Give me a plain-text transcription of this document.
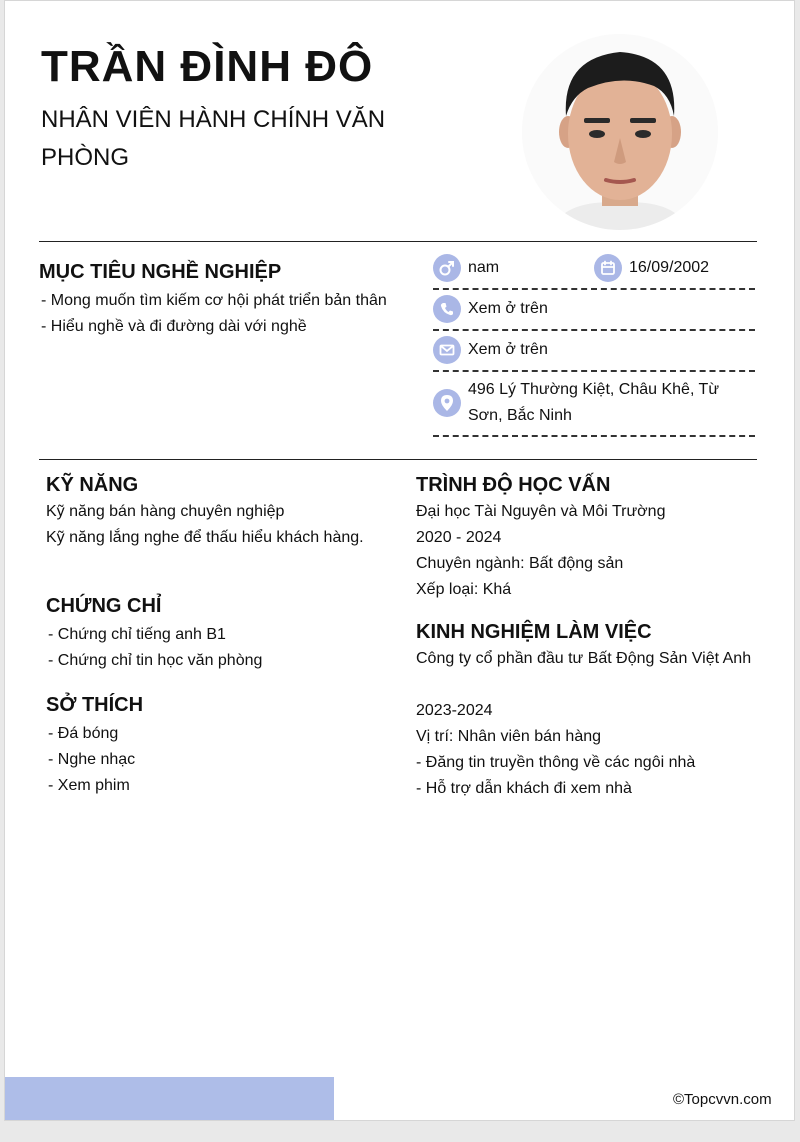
TRẦN ĐÌNH ĐÔ
NHÂN VIÊN HÀNH CHÍNH VĂN PHÒNG
MỤC TIÊU NGHỀ NGHIỆP

- Mong muốn tìm kiếm cơ hội phát triển bản thân

- Hiểu nghề và đi đường dài với nghề

nam	16/09/2002

Xem ở trên

Xem ở trên

496 Lý Thường Kiệt, Châu Khê, Từ

Sơn, Bắc Ninh

KỸ NĂNG

Kỹ năng bán hàng chuyên nghiệp

Kỹ năng lắng nghe để thấu hiểu khách hàng.

CHỨNG CHỈ

- Chứng chỉ tiếng anh B1

- Chứng chỉ tin học văn phòng

SỞ THÍCH

- Đá bóng

- Nghe nhạc

- Xem phim

TRÌNH ĐỘ HỌC VẤN

Đại học Tài Nguyên và Môi Trường

2020 - 2024

Chuyên ngành: Bất động sản

Xếp loại: Khá

KINH NGHIỆM LÀM VIỆC

Công ty cổ phần đầu tư Bất Động Sản Việt Anh

2023-2024

Vị trí: Nhân viên bán hàng

- Đăng tin truyền thông về các ngôi nhà

- Hỗ trợ dẫn khách đi xem nhà

©Topcvvn.com
